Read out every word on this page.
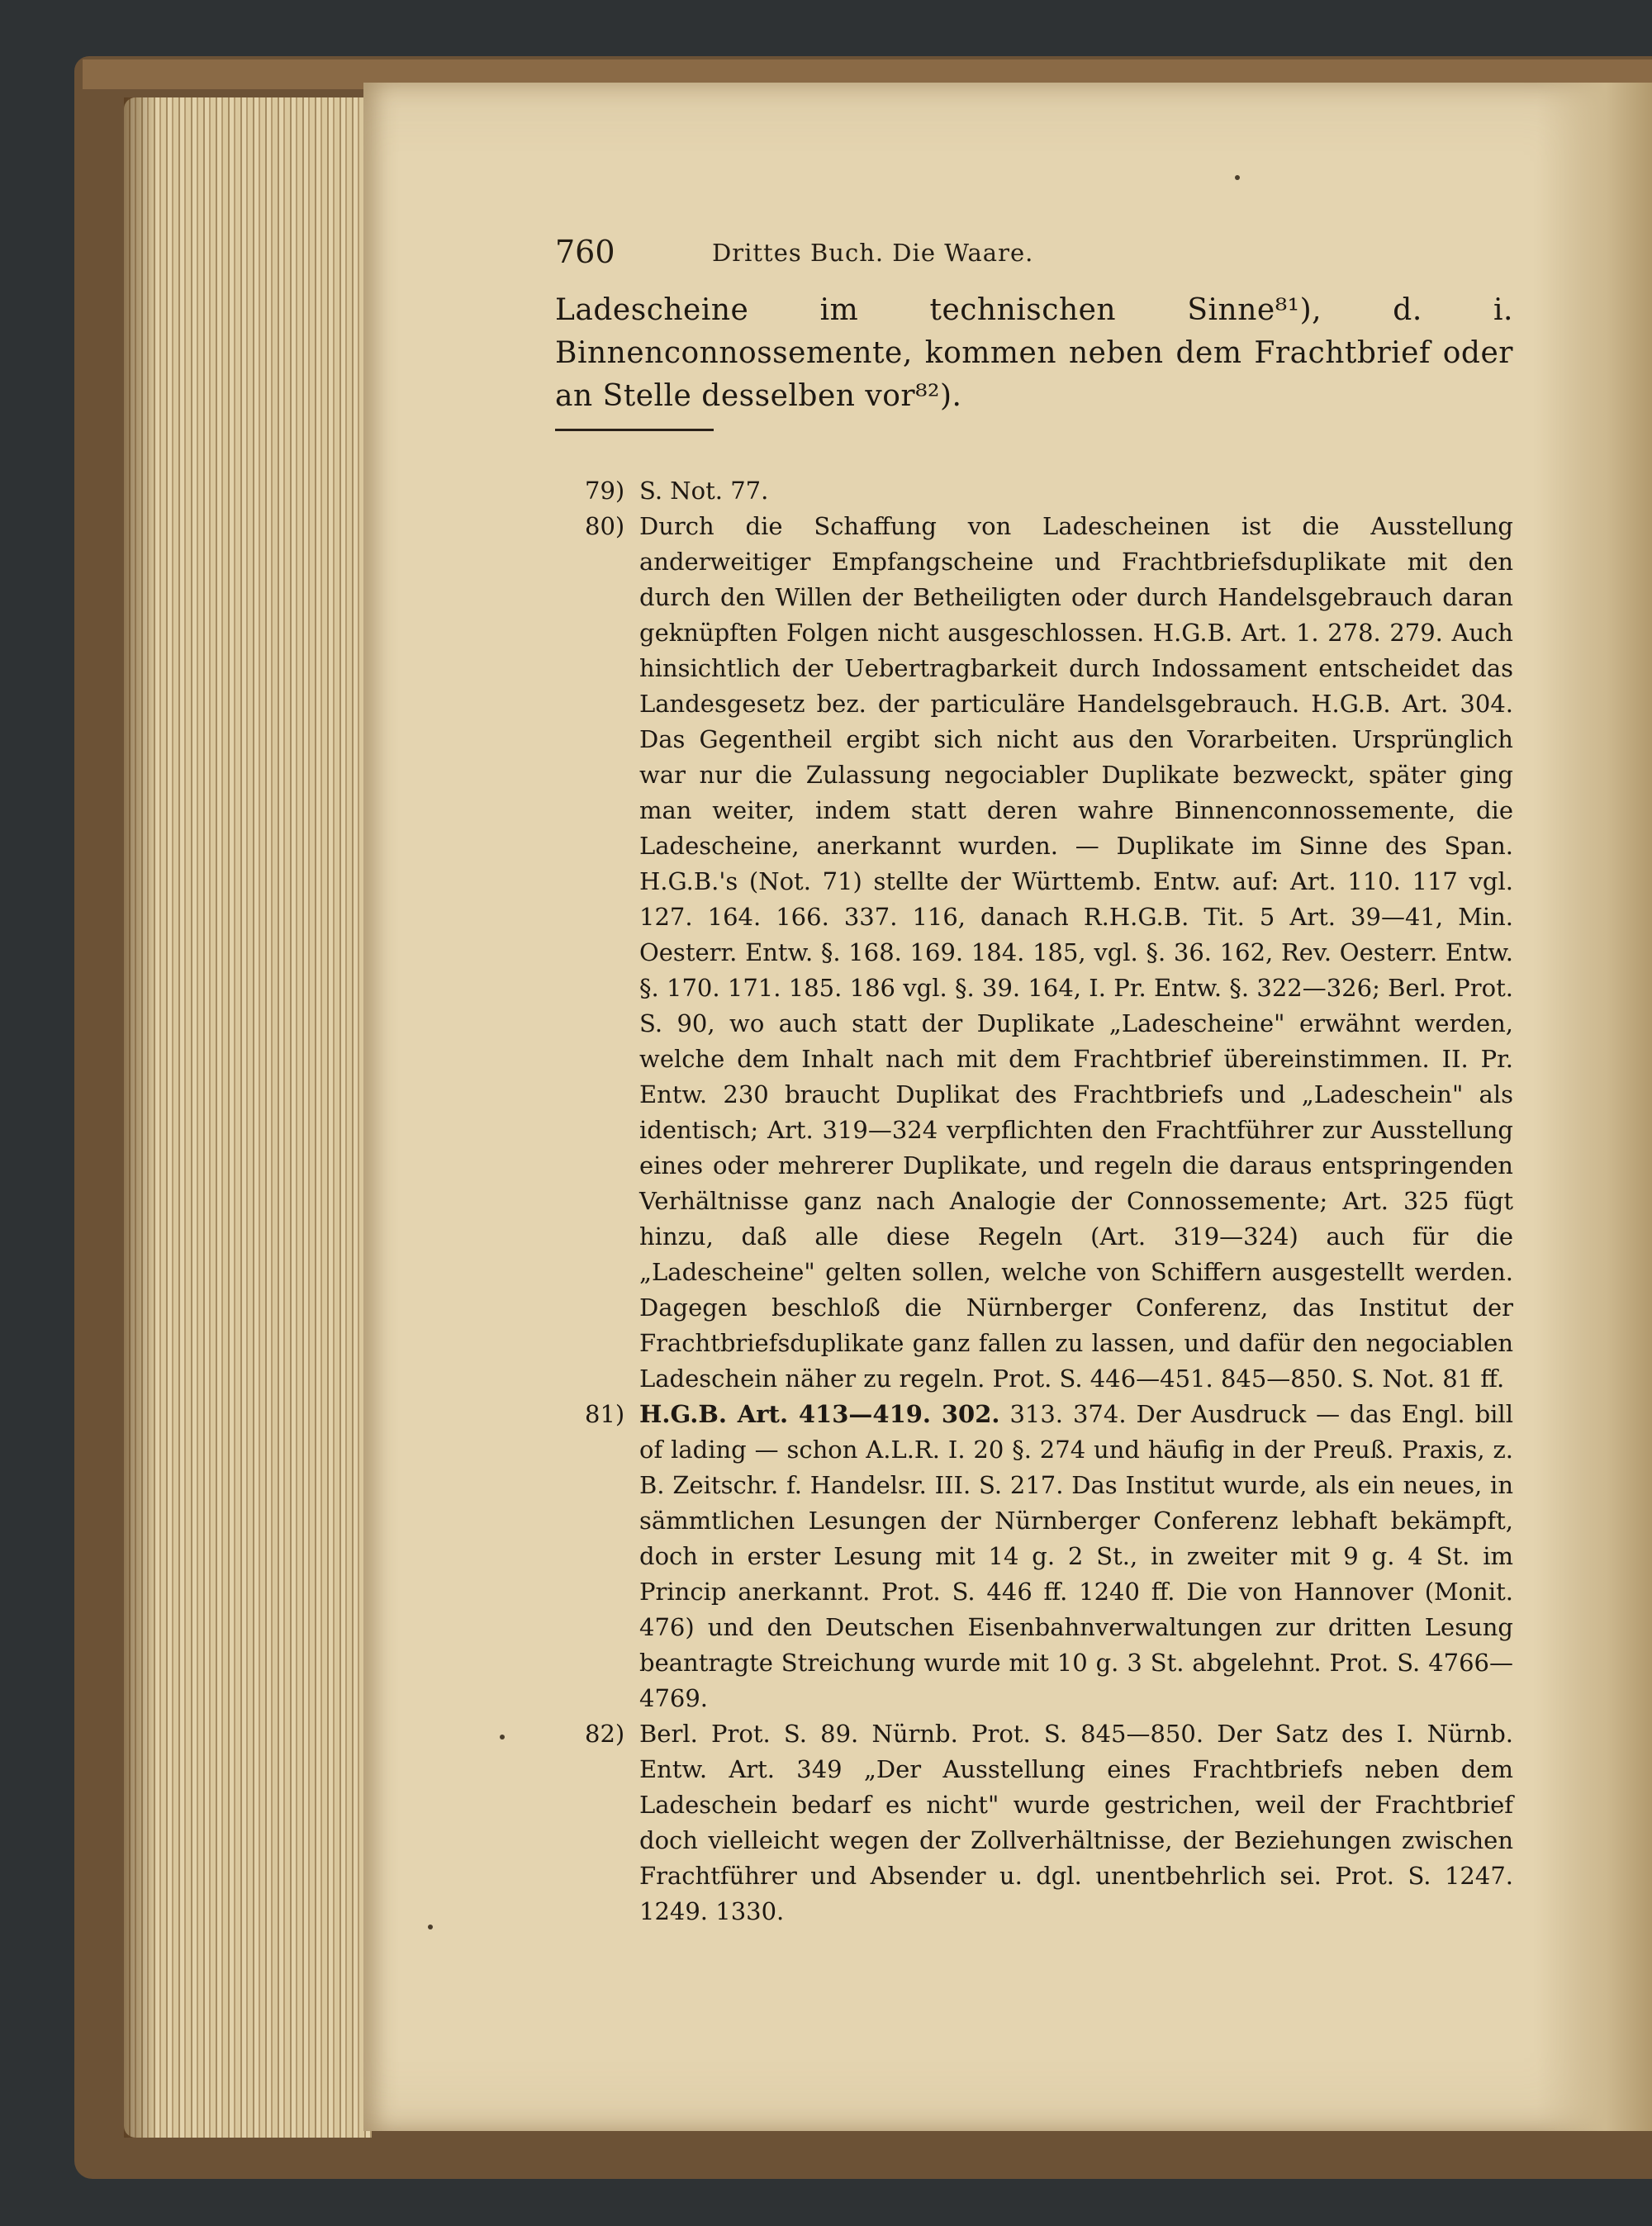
760	Drittes Buch. Die Waare.
Ladescheine im technischen Sinne⁸¹), d. i. Binnenconnossemente, kommen neben dem Frachtbrief oder an Stelle desselben vor⁸²).
79) S. Not. 77.
80) Durch die Schaffung von Ladescheinen ist die Ausstellung anderweitiger Empfangscheine und Frachtbriefsduplikate mit den durch den Willen der Betheiligten oder durch Handelsgebrauch daran geknüpften Folgen nicht ausgeschlossen. H.G.B. Art. 1. 278. 279. Auch hinsichtlich der Uebertragbarkeit durch Indossament entscheidet das Landesgesetz bez. der particuläre Handelsgebrauch. H.G.B. Art. 304. Das Gegentheil ergibt sich nicht aus den Vorarbeiten. Ursprünglich war nur die Zulassung negociabler Duplikate bezweckt, später ging man weiter, indem statt deren wahre Binnenconnossemente, die Ladescheine, anerkannt wurden. — Duplikate im Sinne des Span. H.G.B.'s (Not. 71) stellte der Württemb. Entw. auf: Art. 110. 117 vgl. 127. 164. 166. 337. 116, danach R.H.G.B. Tit. 5 Art. 39—41, Min. Oesterr. Entw. §. 168. 169. 184. 185, vgl. §. 36. 162, Rev. Oesterr. Entw. §. 170. 171. 185. 186 vgl. §. 39. 164, I. Pr. Entw. §. 322—326; Berl. Prot. S. 90, wo auch statt der Duplikate „Ladescheine" erwähnt werden, welche dem Inhalt nach mit dem Frachtbrief übereinstimmen. II. Pr. Entw. 230 braucht Duplikat des Frachtbriefs und „Ladeschein" als identisch; Art. 319—324 verpflichten den Frachtführer zur Ausstellung eines oder mehrerer Duplikate, und regeln die daraus entspringenden Verhältnisse ganz nach Analogie der Connossemente; Art. 325 fügt hinzu, daß alle diese Regeln (Art. 319—324) auch für die „Ladescheine" gelten sollen, welche von Schiffern ausgestellt werden. Dagegen beschloß die Nürnberger Conferenz, das Institut der Frachtbriefsduplikate ganz fallen zu lassen, und dafür den negociablen Ladeschein näher zu regeln. Prot. S. 446—451. 845—850. S. Not. 81 ff.
81) H.G.B. Art. 413—419. 302. 313. 374. Der Ausdruck — das Engl. bill of lading — schon A.L.R. I. 20 §. 274 und häufig in der Preuß. Praxis, z. B. Zeitschr. f. Handelsr. III. S. 217. Das Institut wurde, als ein neues, in sämmtlichen Lesungen der Nürnberger Conferenz lebhaft bekämpft, doch in erster Lesung mit 14 g. 2 St., in zweiter mit 9 g. 4 St. im Princip anerkannt. Prot. S. 446 ff. 1240 ff. Die von Hannover (Monit. 476) und den Deutschen Eisenbahnverwaltungen zur dritten Lesung beantragte Streichung wurde mit 10 g. 3 St. abgelehnt. Prot. S. 4766—4769.
82) Berl. Prot. S. 89. Nürnb. Prot. S. 845—850. Der Satz des I. Nürnb. Entw. Art. 349 „Der Ausstellung eines Frachtbriefs neben dem Ladeschein bedarf es nicht" wurde gestrichen, weil der Frachtbrief doch vielleicht wegen der Zollverhältnisse, der Beziehungen zwischen Frachtführer und Absender u. dgl. unentbehrlich sei. Prot. S. 1247. 1249. 1330.
